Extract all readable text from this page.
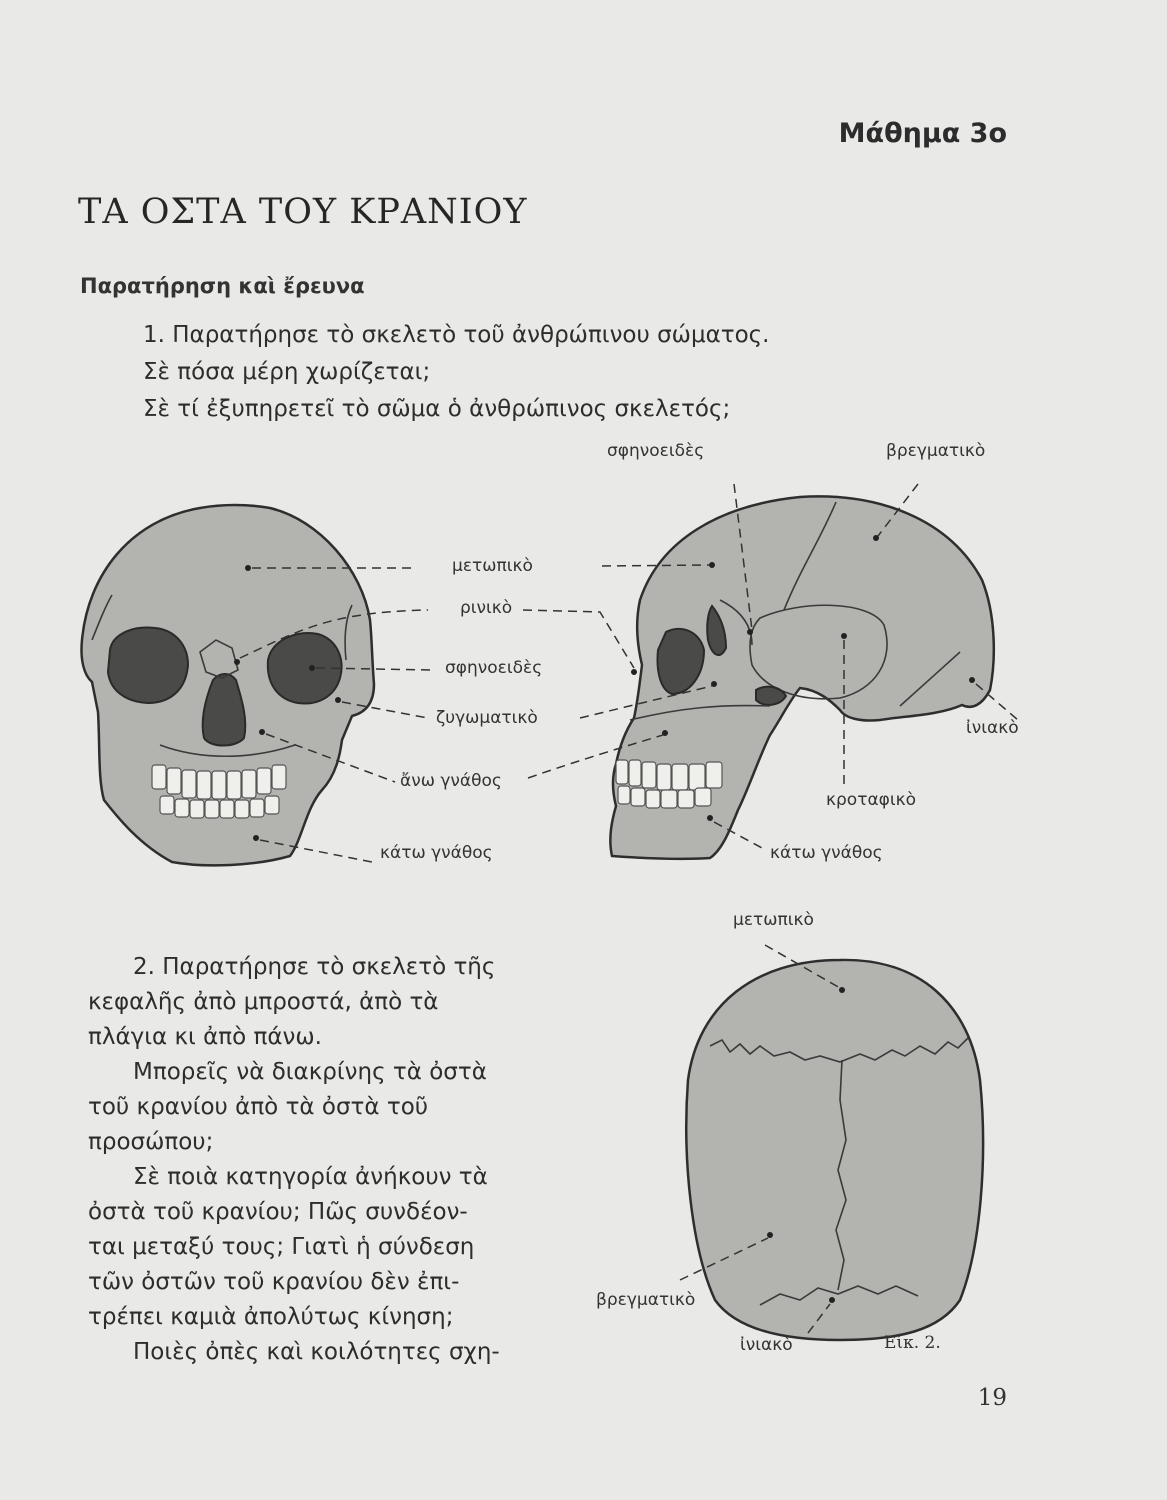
Μάθημα 3ο
ΤΑ ΟΣΤΑ ΤΟΥ ΚΡΑΝΙΟΥ
Παρατήρηση καὶ ἔρευνα
1. Παρατήρησε τὸ σκελετὸ τοῦ ἀνθρώπινου σώματος.
Σὲ πόσα μέρη χωρίζεται;
Σὲ τί ἐξυπηρετεῖ τὸ σῶμα ὁ ἀνθρώπινος σκελετός;
μετωπικὸ
ρινικὸ
σφηνοειδὲς
ζυγωματικὸ
ἄνω γνάθος
κάτω γνάθος
σφηνοειδὲς	βρεγματικὸ
ἰνιακὸ
κροταφικὸ
κάτω γνάθος
μετωπικὸ
βρεγματικὸ
ἰνιακὸ	Εἰκ. 2.
2. Παρατήρησε τὸ σκελετὸ τῆς
κεφαλῆς ἀπὸ μπροστά, ἀπὸ τὰ
πλάγια κι ἀπὸ πάνω.
Μπορεῖς νὰ διακρίνης τὰ ὀστὰ
τοῦ κρανίου ἀπὸ τὰ ὀστὰ τοῦ
προσώπου;
Σὲ ποιὰ κατηγορία ἀνήκουν τὰ
ὀστὰ τοῦ κρανίου; Πῶς συνδέον-
ται μεταξύ τους; Γιατὶ ἡ σύνδεση
τῶν ὀστῶν τοῦ κρανίου δὲν ἐπι-
τρέπει καμιὰ ἀπολύτως κίνηση;
Ποιὲς ὀπὲς καὶ κοιλότητες σχη-
19
